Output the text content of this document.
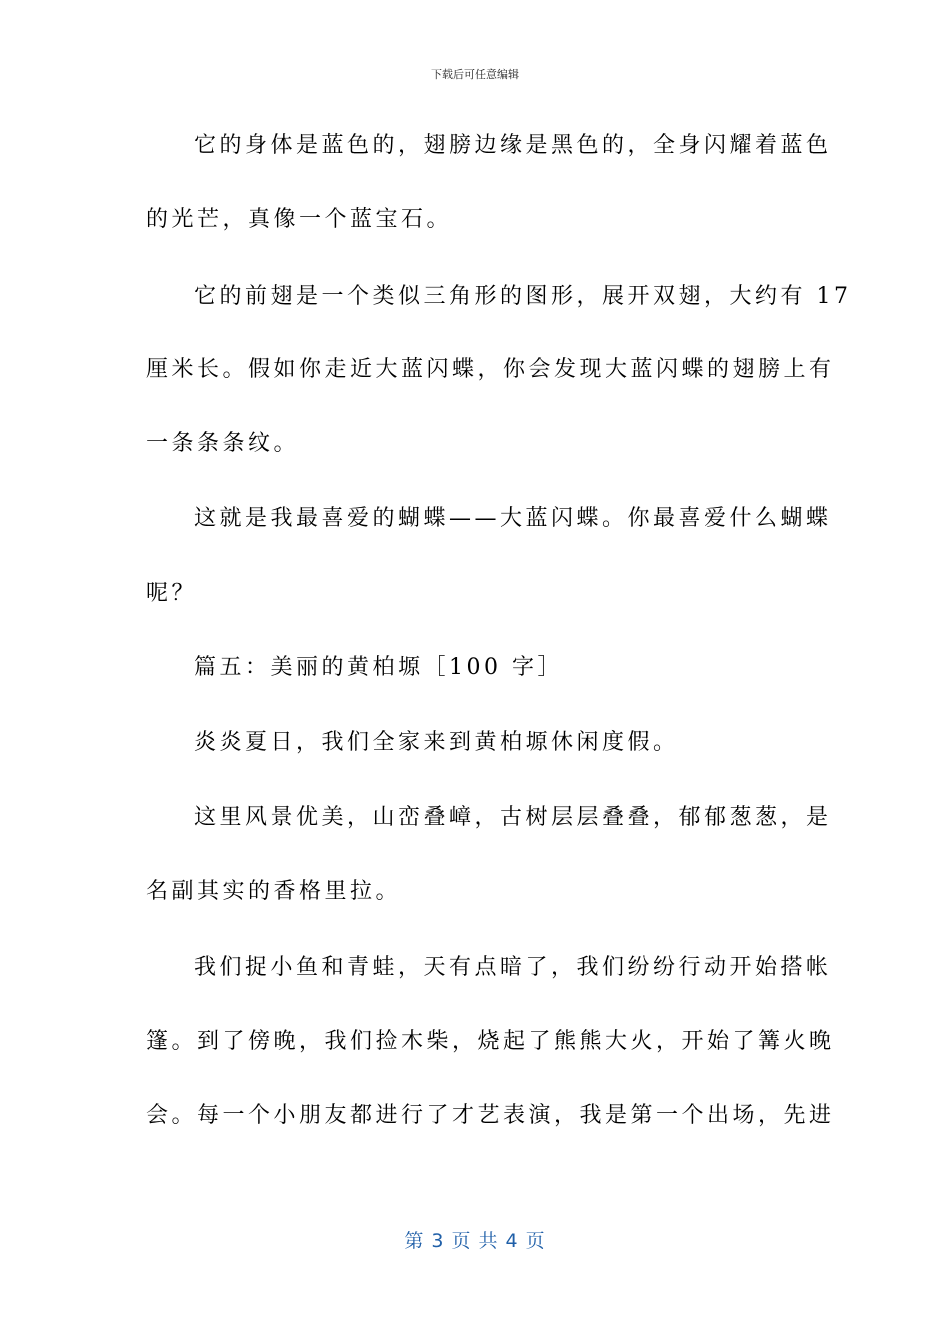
下载后可任意编辑
它的身体是蓝色的，翅膀边缘是黑色的，全身闪耀着蓝色
的光芒，真像一个蓝宝石。
它的前翅是一个类似三角形的图形，展开双翅，大约有 17
厘米长。假如你走近大蓝闪蝶，你会发现大蓝闪蝶的翅膀上有
一条条条纹。
这就是我最喜爱的蝴蝶——大蓝闪蝶。你最喜爱什么蝴蝶
呢？
篇五：美丽的黄柏塬［100 字］
炎炎夏日，我们全家来到黄柏塬休闲度假。
这里风景优美，山峦叠嶂，古树层层叠叠，郁郁葱葱，是
名副其实的香格里拉。
我们捉小鱼和青蛙，天有点暗了，我们纷纷行动开始搭帐
篷。到了傍晚，我们捡木柴，烧起了熊熊大火，开始了篝火晚
会。每一个小朋友都进行了才艺表演，我是第一个出场，先进
第 3 页 共 4 页
